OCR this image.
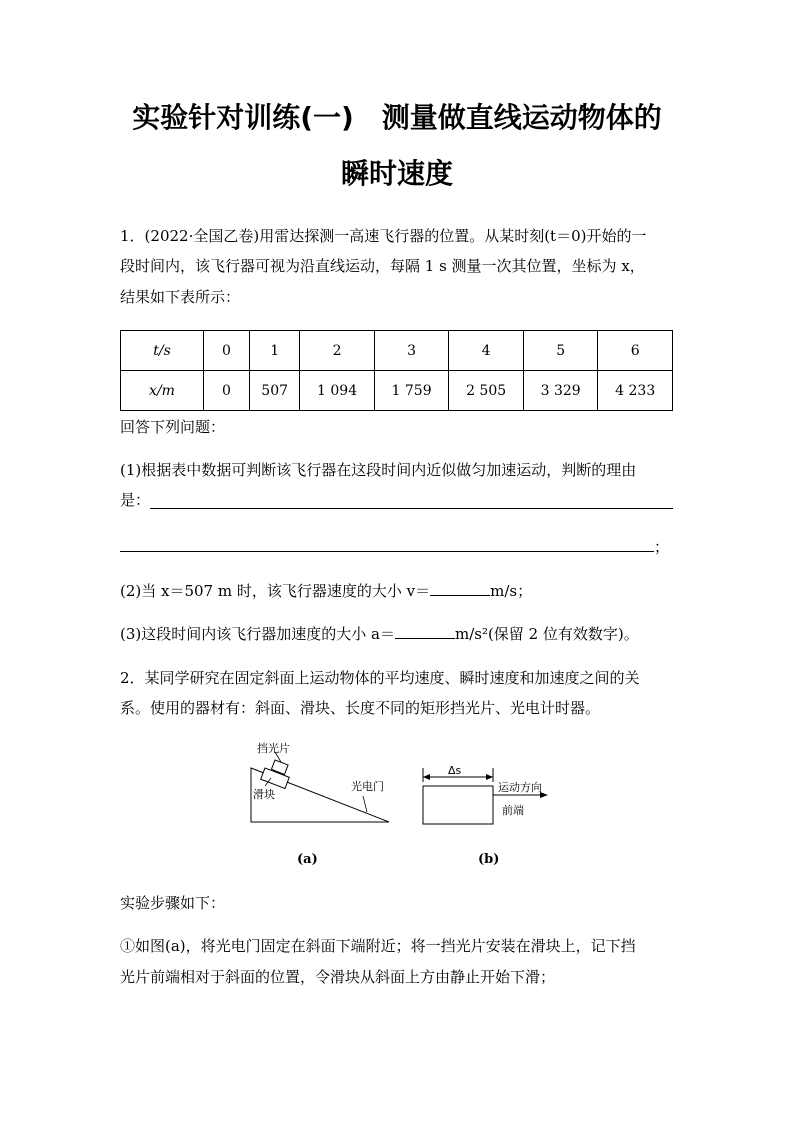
实验针对训练(一)　测量做直线运动物体的
瞬时速度
1．(2022·全国乙卷)用雷达探测一高速飞行器的位置。从某时刻(t＝0)开始的一
段时间内，该飞行器可视为沿直线运动，每隔 1 s 测量一次其位置，坐标为 x，
结果如下表所示：
t/s	0	1	2	3	4	5	6
x/m	0	507	1 094	1 759	2 505	3 329	4 233
回答下列问题：
(1)根据表中数据可判断该飞行器在这段时间内近似做匀加速运动，判断的理由
是：
；
(2)当 x＝507 m 时，该飞行器速度的大小 v＝	m/s；
(3)这段时间内该飞行器加速度的大小 a＝	m/s²(保留 2 位有效数字)。
2．某同学研究在固定斜面上运动物体的平均速度、瞬时速度和加速度之间的关
系。使用的器材有：斜面、滑块、长度不同的矩形挡光片、光电计时器。
挡光片
滑块
光电门
Δs
运动方向
前端
(a)	(b)
实验步骤如下：
①如图(a)，将光电门固定在斜面下端附近；将一挡光片安装在滑块上，记下挡
光片前端相对于斜面的位置，令滑块从斜面上方由静止开始下滑；
